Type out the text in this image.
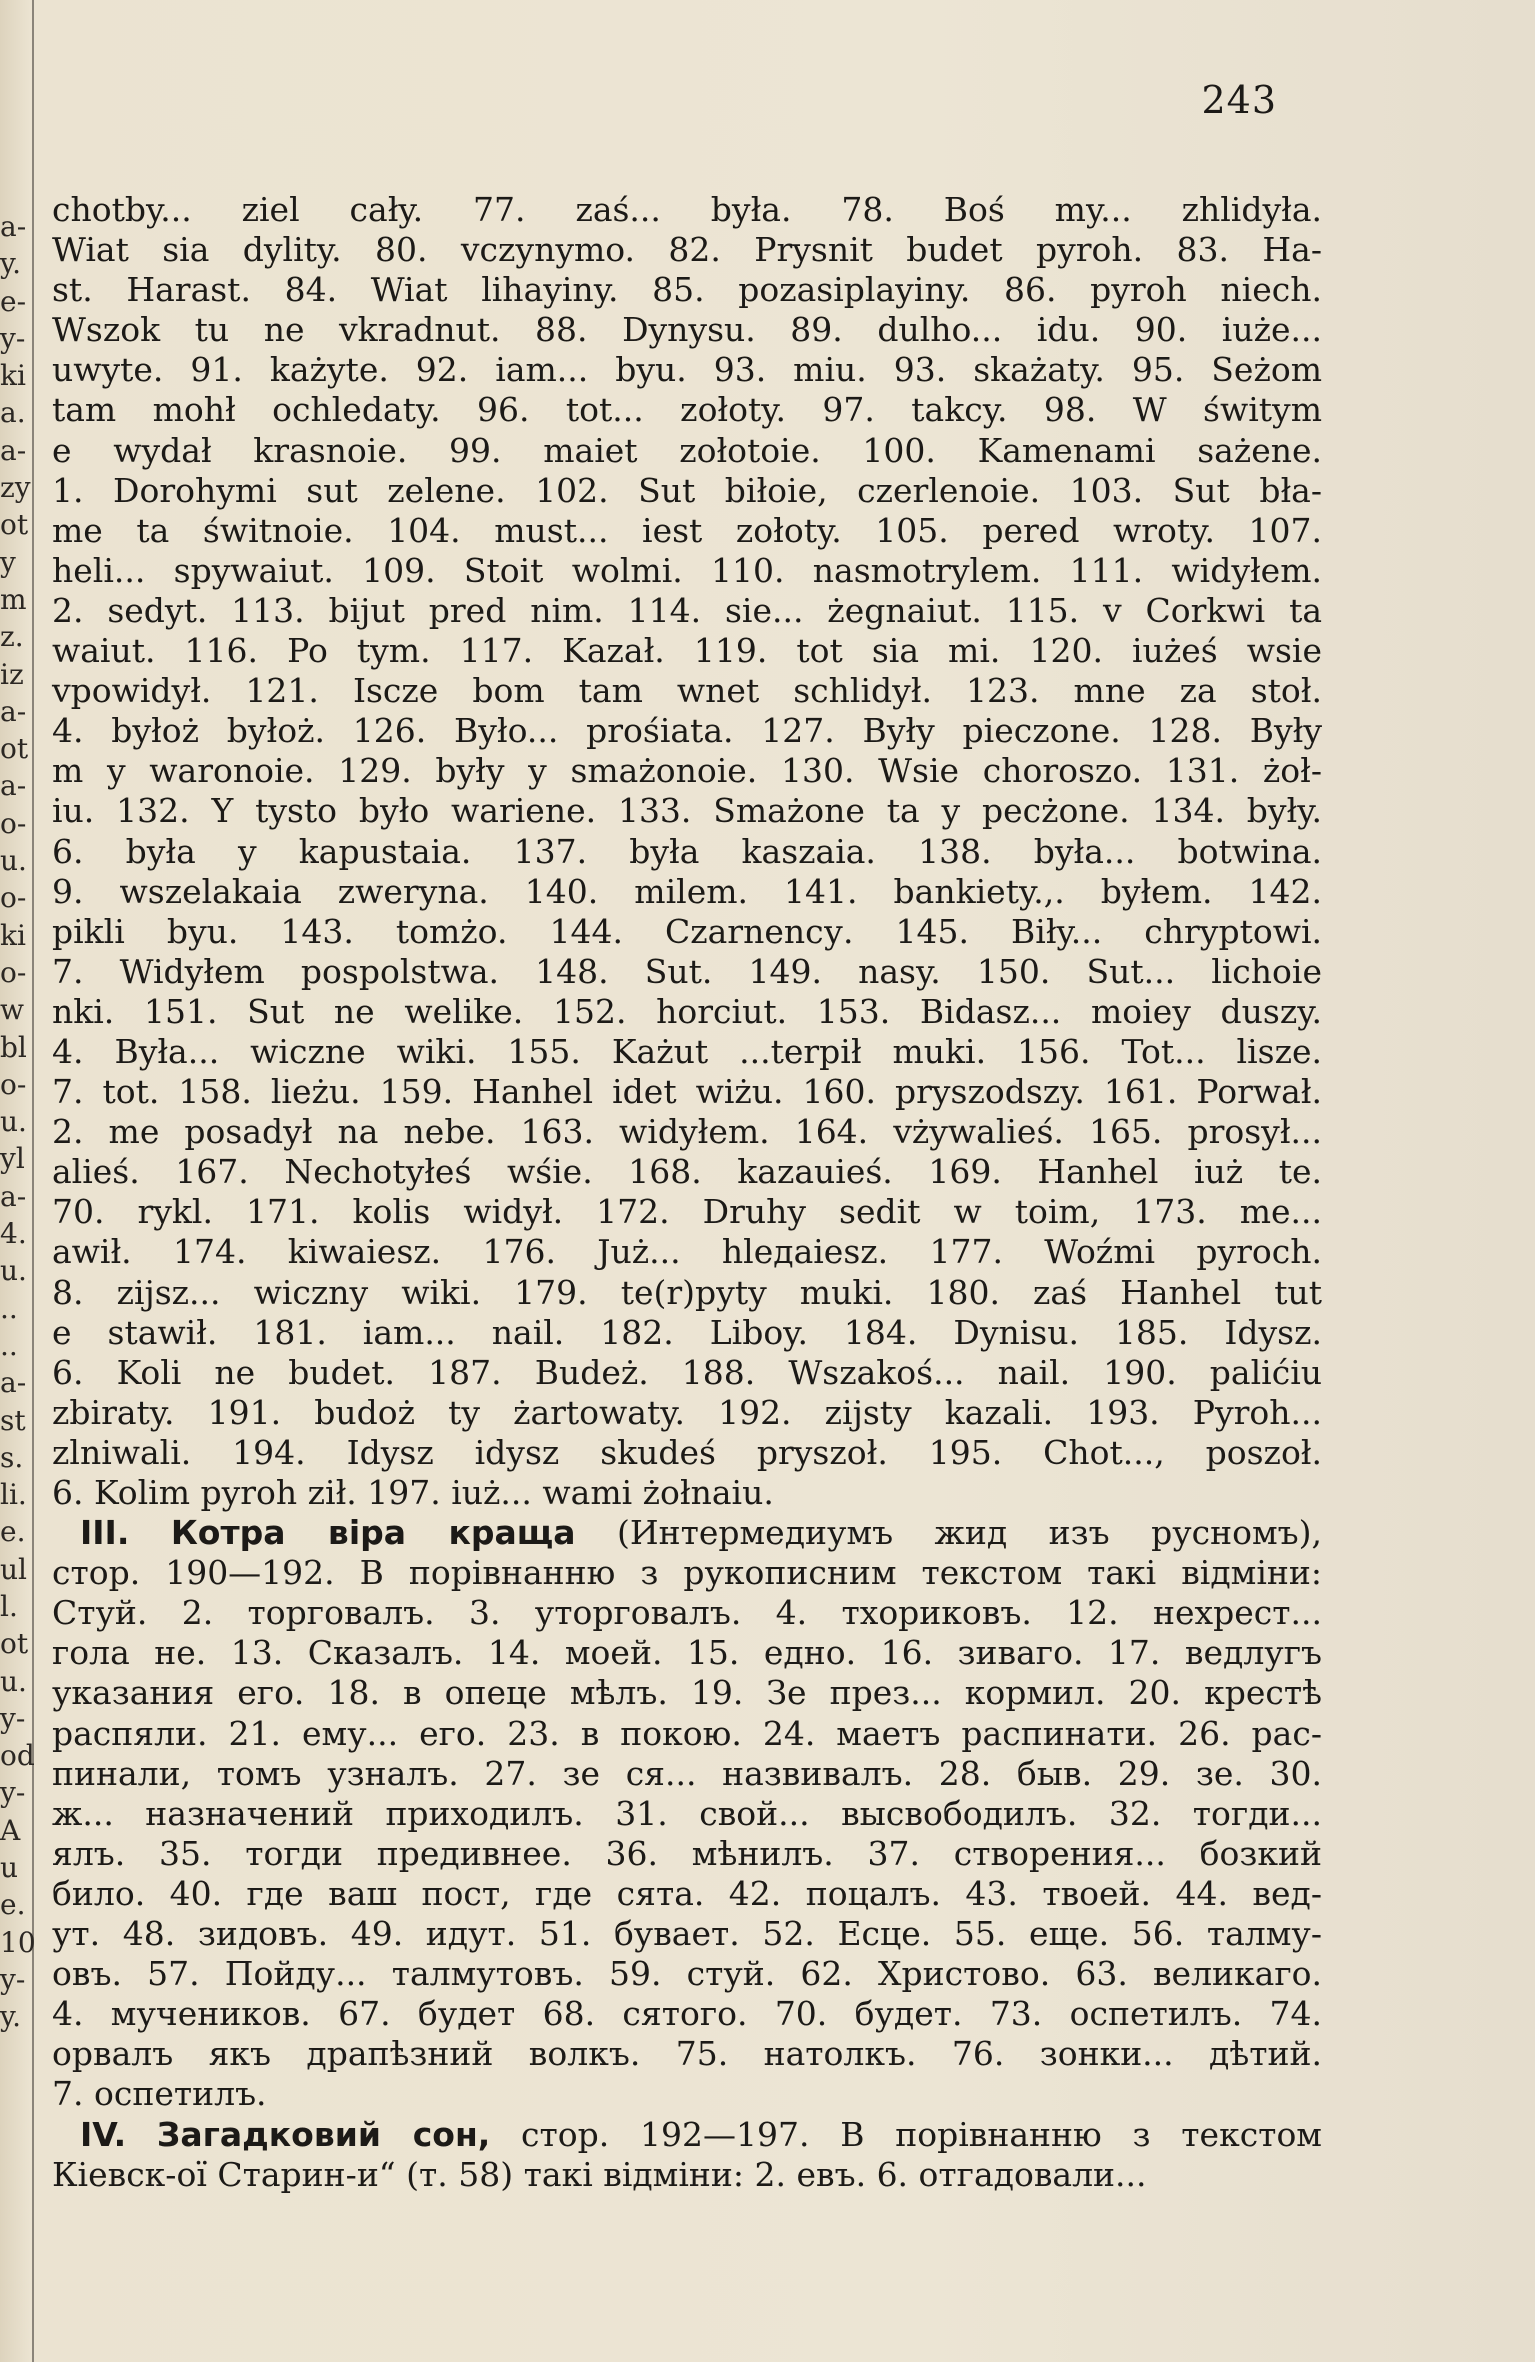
243
a-
y.
e-
y-
ki
a.
a-
zy
ot
y
m
z.
iz
a-
ot
a-
o-
u.
o-
ki
o-
w
bl
o-
u.
yl
a-
4.
u.
..
..
a-
st
s.
li.
e.
ul
l.
ot
u.
y-
od
y-
A
u
e.
10
y-
y.
chotby... ziel cały. 77. zaś... była. 78. Boś my... zhlidyła.
Wiat sia dylity. 80. vczynymo. 82. Prysnit budet pyroh. 83. Ha-
st. Harast. 84. Wiat lihayiny. 85. pozasiplayiny. 86. pyroh niech.
Wszok tu ne vkradnut. 88. Dynysu. 89. dulho... idu. 90. iuże...
uwyte. 91. każyte. 92. iam... byu. 93. miu. 93. skażaty. 95. Seżom
tam mohł ochledaty. 96. tot... zołoty. 97. takcy. 98. W świtym
e wydał krasnoie. 99. maiet zołotoie. 100. Kamenami sażene.
1. Dorohymi sut zelene. 102. Sut biłoie, czerlenoie. 103. Sut bła-
me ta świtnoie. 104. must... iest zołoty. 105. pered wroty. 107.
heli... spywaiut. 109. Stoit wolmi. 110. nasmotrylem. 111. widyłem.
2. sedyt. 113. bijut pred nim. 114. sie... żegnaiut. 115. v Corkwi ta
waiut. 116. Po tym. 117. Kazał. 119. tot sia mi. 120. iużeś wsie
vpowidył. 121. Iscze bom tam wnet schlidył. 123. mne za stoł.
4. byłoż byłoż. 126. Było... prośiata. 127. Były pieczone. 128. Były
m y waronoie. 129. były y smażonoie. 130. Wsie choroszo. 131. żoł-
iu. 132. Y tysto było wariene. 133. Smażone ta y pecżone. 134. były.
6. była y kapustaia. 137. była kaszaia. 138. była... botwina.
9. wszelakaia zweryna. 140. milem. 141. bankiety.,. byłem. 142.
pikli byu. 143. tomżo. 144. Czarnencу. 145. Biły... chryptowi.
7. Widyłem pospolstwa. 148. Sut. 149. nasy. 150. Sut... lichoie
nki. 151. Sut ne welike. 152. horciut. 153. Bidasz... moiey duszy.
4. Była... wiczne wiki. 155. Każut ...terpił muki. 156. Tot... lisze.
7. tot. 158. lieżu. 159. Hanhel idet wiżu. 160. pryszodszy. 161. Porwał.
2. me posadył na nebe. 163. widyłem. 164. vżywalieś. 165. prosył...
alieś. 167. Nechotyłeś wśie. 168. kazauieś. 169. Hanhel iuż te.
70. rykl. 171. kolis widył. 172. Druhy sedit w toim, 173. me...
awił. 174. kiwaiesz. 176. Już... hlедaiesz. 177. Woźmi pyroch.
8. zijsz... wiczny wiki. 179. te(r)pyty muki. 180. zaś Hanhel tut
e stawił. 181. iam... nail. 182. Liboy. 184. Dynisu. 185. Idysz.
6. Koli ne budet. 187. Budeż. 188. Wszakoś... nail. 190. palićiu
zbiraty. 191. budoż ty żartowaty. 192. zijsty kazali. 193. Pyroh...
zlniwali. 194. Idysz idysz skudeś pryszoł. 195. Chot..., poszoł.
6. Kolim pyroh ził. 197. iuż... wami żołnaiu.
III. Котра віра краща (Интермедиумъ жид изъ русномъ),
стор. 190—192. В порівнанню з рукописним текстом такі відміни:
Стуй. 2. торговалъ. 3. уторговалъ. 4. тхориковъ. 12. нехрест...
гола не. 13. Сказалъ. 14. моей. 15. едно. 16. зиваго. 17. ведлугъ
указания его. 18. в опеце мѣлъ. 19. Зе през... кормил. 20. крестѣ
распяли. 21. ему... его. 23. в покою. 24. маетъ распинати. 26. рас-
пинали, томъ узналъ. 27. зе ся... назвивалъ. 28. быв. 29. зе. 30.
ж... назначений приходилъ. 31. свой... высвободилъ. 32. тогди...
ялъ. 35. тогди предивнее. 36. мѣнилъ. 37. створения... бозкий
било. 40. где ваш пост, где сята. 42. поцалъ. 43. твоей. 44. вед-
ут. 48. зидовъ. 49. идут. 51. бувает. 52. Есце. 55. еще. 56. талму-
овъ. 57. Пойду... талмутовъ. 59. стуй. 62. Христово. 63. великаго.
4. мучеников. 67. будет 68. сятого. 70. будет. 73. оспетилъ. 74.
орвалъ якъ драпѣзний волкъ. 75. натолкъ. 76. зонки... дѣтий.
7. оспетилъ.
IV. Загадковий сон, стор. 192—197. В порівнанню з текстом
Кіевск-ої Старин-и“ (т. 58) такі відміни: 2. евъ. 6. отгадовали...
